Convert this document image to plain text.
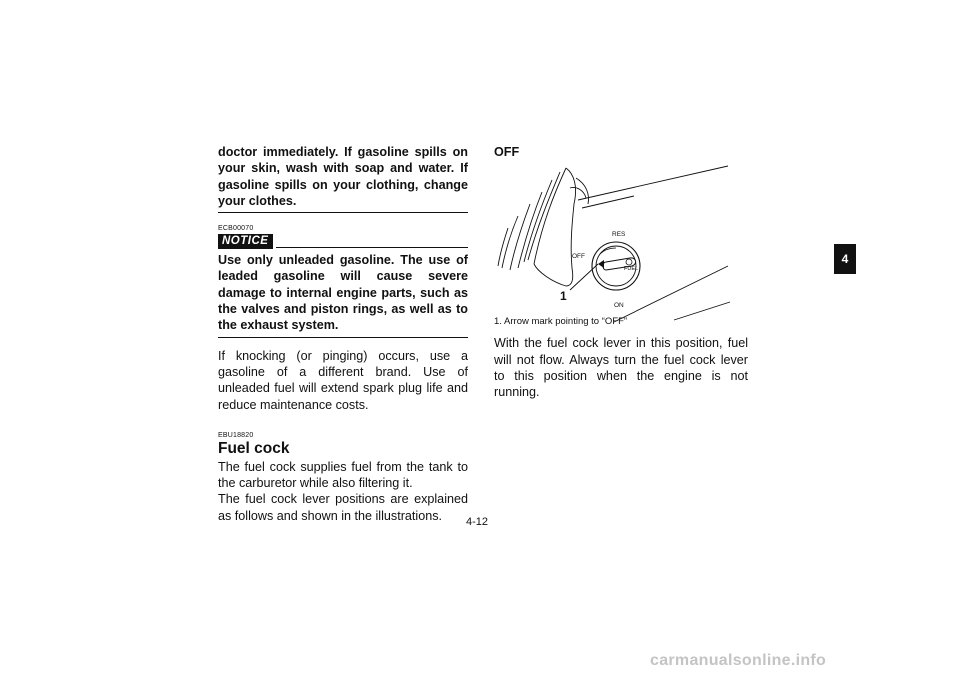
doctor immediately. If gasoline spills on your skin, wash with soap and water. If gasoline spills on your clothing, change your clothes.

ECB00070
NOTICE

Use only unleaded gasoline. The use of leaded gasoline will cause severe damage to internal engine parts, such as the valves and piston rings, as well as to the exhaust system.

If knocking (or pinging) occurs, use a gasoline of a different brand. Use of unleaded fuel will extend spark plug life and reduce maintenance costs.

EBU18820
Fuel cock

The fuel cock supplies fuel from the tank to the carburetor while also filtering it.

The fuel cock lever positions are explained as follows and shown in the illustrations.

OFF

RES
OFF
FUEL
ON
1
1. Arrow mark pointing to “OFF”

With the fuel cock lever in this position, fuel will not flow. Always turn the fuel cock lever to this position when the engine is not running.

4
4-12
carmanualsonline.info
